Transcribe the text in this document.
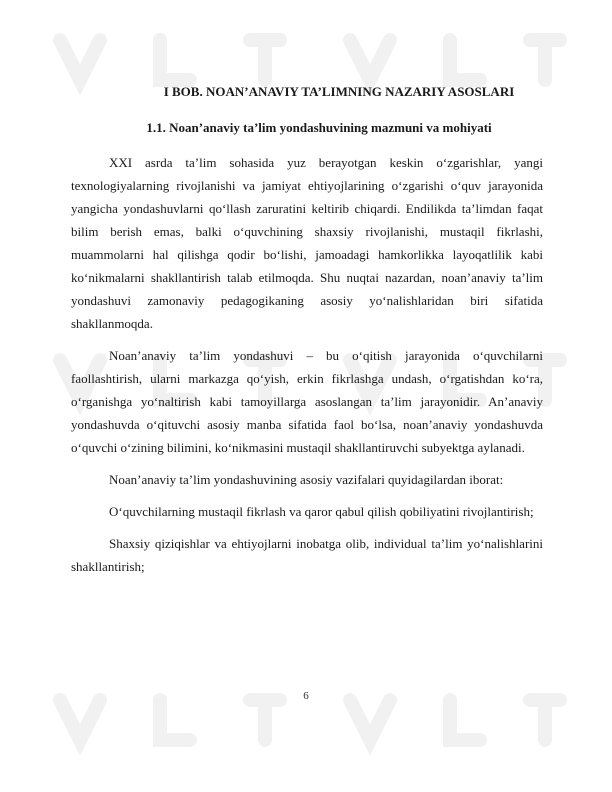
I BOB. NOAN’ANAVIY TA’LIMNING NAZARIY ASOSLARI
1.1. Noan’anaviy ta’lim yondashuvining mazmuni va mohiyati

XXI asrda ta’lim sohasida yuz berayotgan keskin o‘zgarishlar, yangi texnologiyalarning rivojlanishi va jamiyat ehtiyojlarining o‘zgarishi o‘quv jarayonida yangicha yondashuvlarni qo‘llash zaruratini keltirib chiqardi. Endilikda ta’limdan faqat bilim berish emas, balki o‘quvchining shaxsiy rivojlanishi, mustaqil fikrlashi, muammolarni hal qilishga qodir bo‘lishi, jamoadagi hamkorlikka layoqatlilik kabi ko‘nikmalarni shakllantirish talab etilmoqda. Shu nuqtai nazardan, noan’anaviy ta’lim yondashuvi zamonaviy pedagogikaning asosiy yo‘nalishlaridan biri sifatida shakllanmoqda.

Noan’anaviy ta’lim yondashuvi – bu o‘qitish jarayonida o‘quvchilarni faollashtirish, ularni markazga qo‘yish, erkin fikrlashga undash, o‘rgatishdan ko‘ra, o‘rganishga yo‘naltirish kabi tamoyillarga asoslangan ta’lim jarayonidir. An’anaviy yondashuvda o‘qituvchi asosiy manba sifatida faol bo‘lsa, noan’anaviy yondashuvda o‘quvchi o‘zining bilimini, ko‘nikmasini mustaqil shakllantiruvchi subyektga aylanadi.

Noan’anaviy ta’lim yondashuvining asosiy vazifalari quyidagilardan iborat:

O‘quvchilarning mustaqil fikrlash va qaror qabul qilish qobiliyatini rivojlantirish;

Shaxsiy qiziqishlar va ehtiyojlarni inobatga olib, individual ta’lim yo‘nalishlarini shakllantirish;

6
